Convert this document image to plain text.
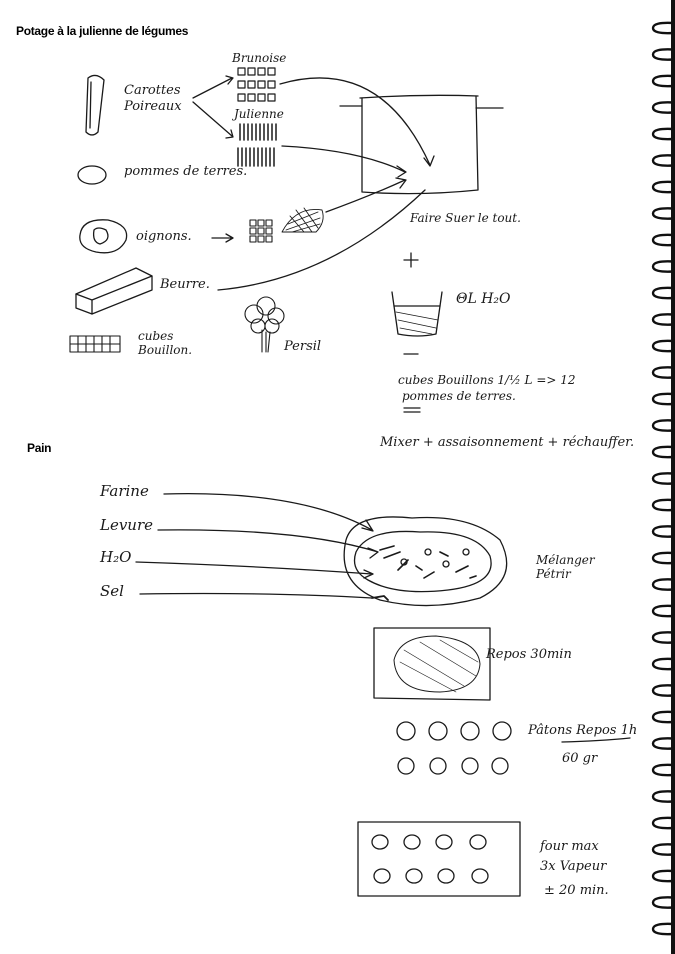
Potage à la julienne de légumes
Pain
Carottes
Poireaux
Brunoise
Julienne
pommes de terres.
oignons.
Beurre.
cubes
Bouillon.	Persil
Faire Suer le tout.
ΘL H₂O
cubes Bouillons 1/½ L => 12
pommes de terres.
Mixer + assaisonnement + réchauffer.
Farine
Levure
H₂O
Sel
Mélanger
Pétrir
Repos 30min
Pâtons Repos 1h
60 gr
four max
3x Vapeur
± 20 min.
